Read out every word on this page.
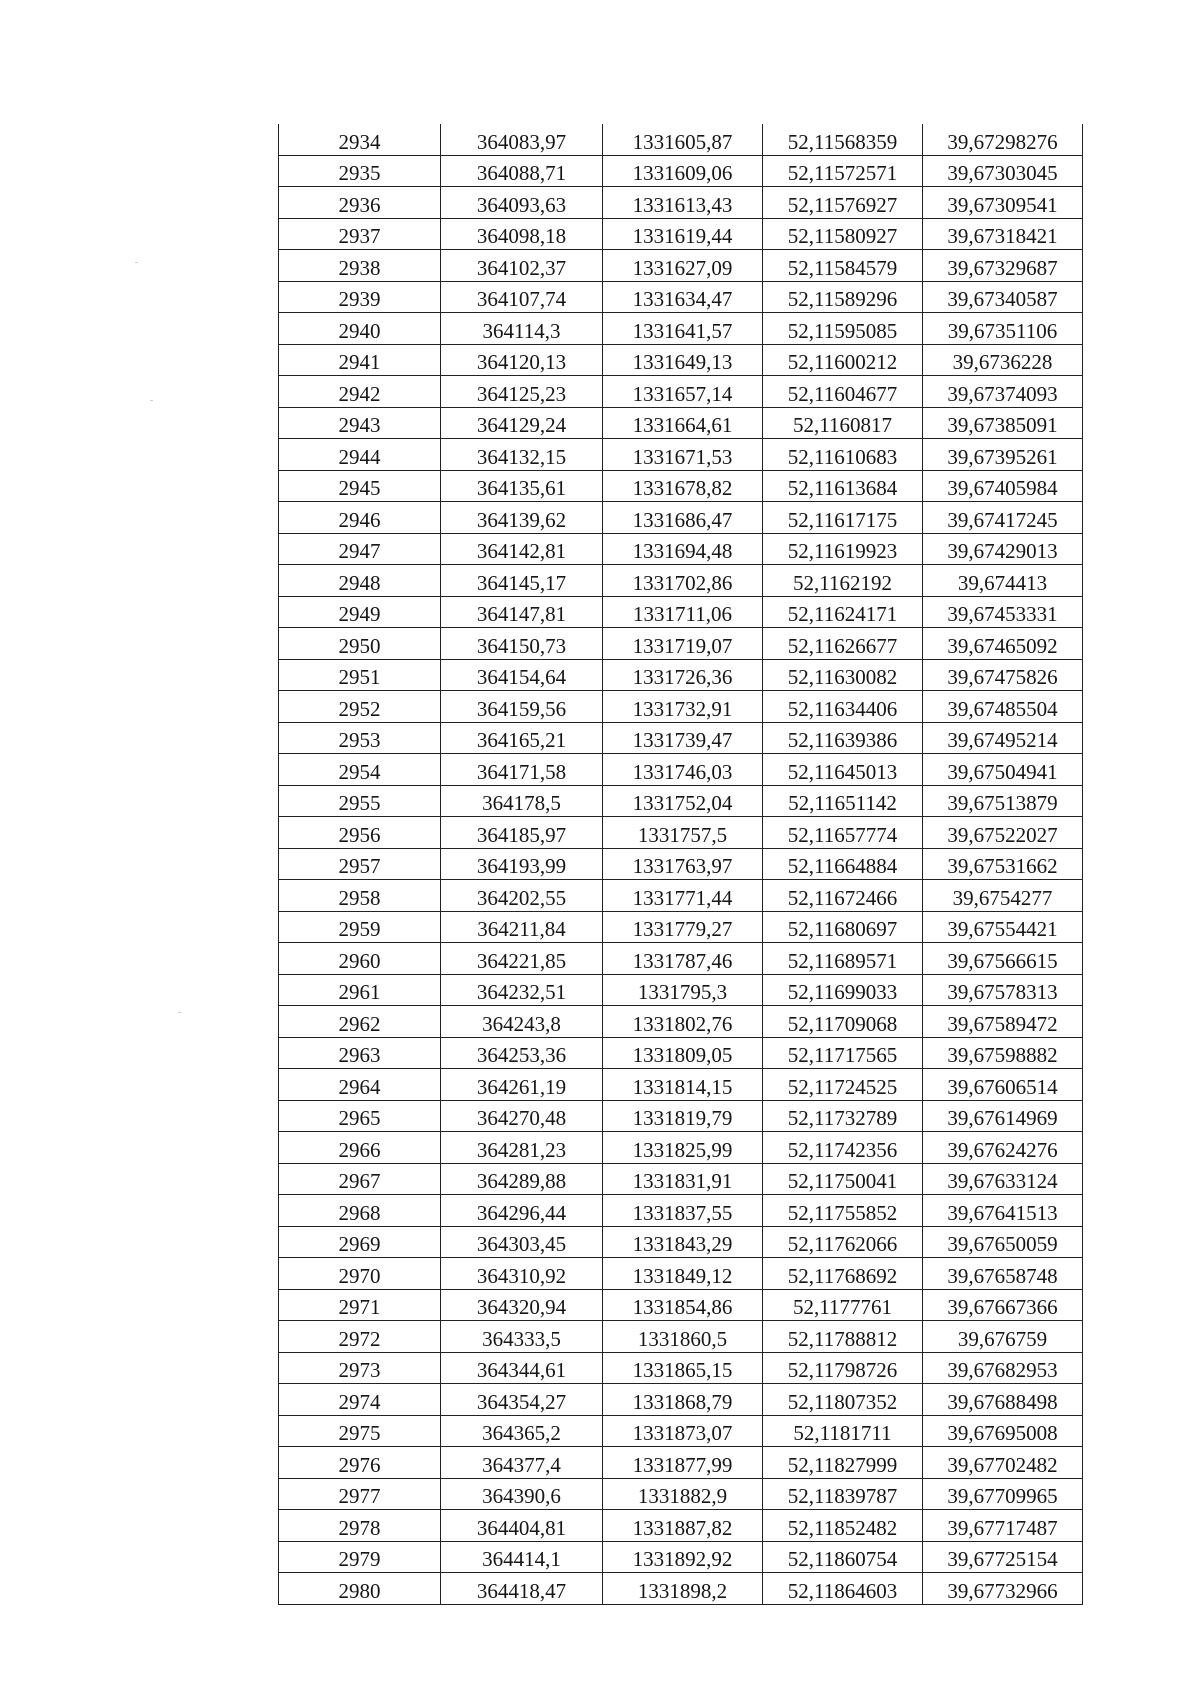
2934	364083,97	1331605,87	52,11568359	39,67298276
2935	364088,71	1331609,06	52,11572571	39,67303045
2936	364093,63	1331613,43	52,11576927	39,67309541
2937	364098,18	1331619,44	52,11580927	39,67318421
2938	364102,37	1331627,09	52,11584579	39,67329687
2939	364107,74	1331634,47	52,11589296	39,67340587
2940	364114,3	1331641,57	52,11595085	39,67351106
2941	364120,13	1331649,13	52,11600212	39,6736228
2942	364125,23	1331657,14	52,11604677	39,67374093
2943	364129,24	1331664,61	52,1160817	39,67385091
2944	364132,15	1331671,53	52,11610683	39,67395261
2945	364135,61	1331678,82	52,11613684	39,67405984
2946	364139,62	1331686,47	52,11617175	39,67417245
2947	364142,81	1331694,48	52,11619923	39,67429013
2948	364145,17	1331702,86	52,1162192	39,674413
2949	364147,81	1331711,06	52,11624171	39,67453331
2950	364150,73	1331719,07	52,11626677	39,67465092
2951	364154,64	1331726,36	52,11630082	39,67475826
2952	364159,56	1331732,91	52,11634406	39,67485504
2953	364165,21	1331739,47	52,11639386	39,67495214
2954	364171,58	1331746,03	52,11645013	39,67504941
2955	364178,5	1331752,04	52,11651142	39,67513879
2956	364185,97	1331757,5	52,11657774	39,67522027
2957	364193,99	1331763,97	52,11664884	39,67531662
2958	364202,55	1331771,44	52,11672466	39,6754277
2959	364211,84	1331779,27	52,11680697	39,67554421
2960	364221,85	1331787,46	52,11689571	39,67566615
2961	364232,51	1331795,3	52,11699033	39,67578313
2962	364243,8	1331802,76	52,11709068	39,67589472
2963	364253,36	1331809,05	52,11717565	39,67598882
2964	364261,19	1331814,15	52,11724525	39,67606514
2965	364270,48	1331819,79	52,11732789	39,67614969
2966	364281,23	1331825,99	52,11742356	39,67624276
2967	364289,88	1331831,91	52,11750041	39,67633124
2968	364296,44	1331837,55	52,11755852	39,67641513
2969	364303,45	1331843,29	52,11762066	39,67650059
2970	364310,92	1331849,12	52,11768692	39,67658748
2971	364320,94	1331854,86	52,1177761	39,67667366
2972	364333,5	1331860,5	52,11788812	39,676759
2973	364344,61	1331865,15	52,11798726	39,67682953
2974	364354,27	1331868,79	52,11807352	39,67688498
2975	364365,2	1331873,07	52,1181711	39,67695008
2976	364377,4	1331877,99	52,11827999	39,67702482
2977	364390,6	1331882,9	52,11839787	39,67709965
2978	364404,81	1331887,82	52,11852482	39,67717487
2979	364414,1	1331892,92	52,11860754	39,67725154
2980	364418,47	1331898,2	52,11864603	39,67732966
